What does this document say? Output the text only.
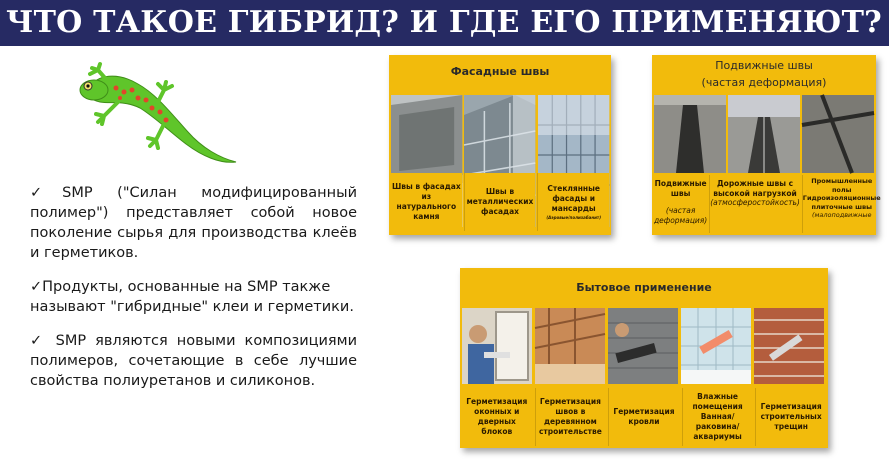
ЧТО ТАКОЕ ГИБРИД? И ГДЕ ЕГО ПРИМЕНЯЮТ?
✓SMP ("Силан модифицированный полимер") представляет собой новое поколение сырья для производства клеёв и герметиков.
✓Продукты, основанные на SMP также называют "гибридные" клеи и герметики.
✓ SMP являются новыми композициями полимеров, сочетающие в себе лучшие свойства полиуретанов и силиконов.
Фасадные швы
Швы в фасадах из натурального камня
Швы в металлических фасадах
Стеклянные фасады и мансарды
(Аэровые/полизабанит)
Подвижные швы
(частая деформация)
Подвижные швы
(частая деформация)
Дорожные швы с высокой нагрузкой
(атмосферостойкость)
Промышленные полы Гидроизоляционные плиточные швы
(малоподвижные
Бытовое применение
Герметизация оконных и дверных блоков
Герметизация швов в деревянном строительстве
Герметизация кровли
Влажные помещения Ванная/ раковина/аквариумы
Герметизация строительных трещин
